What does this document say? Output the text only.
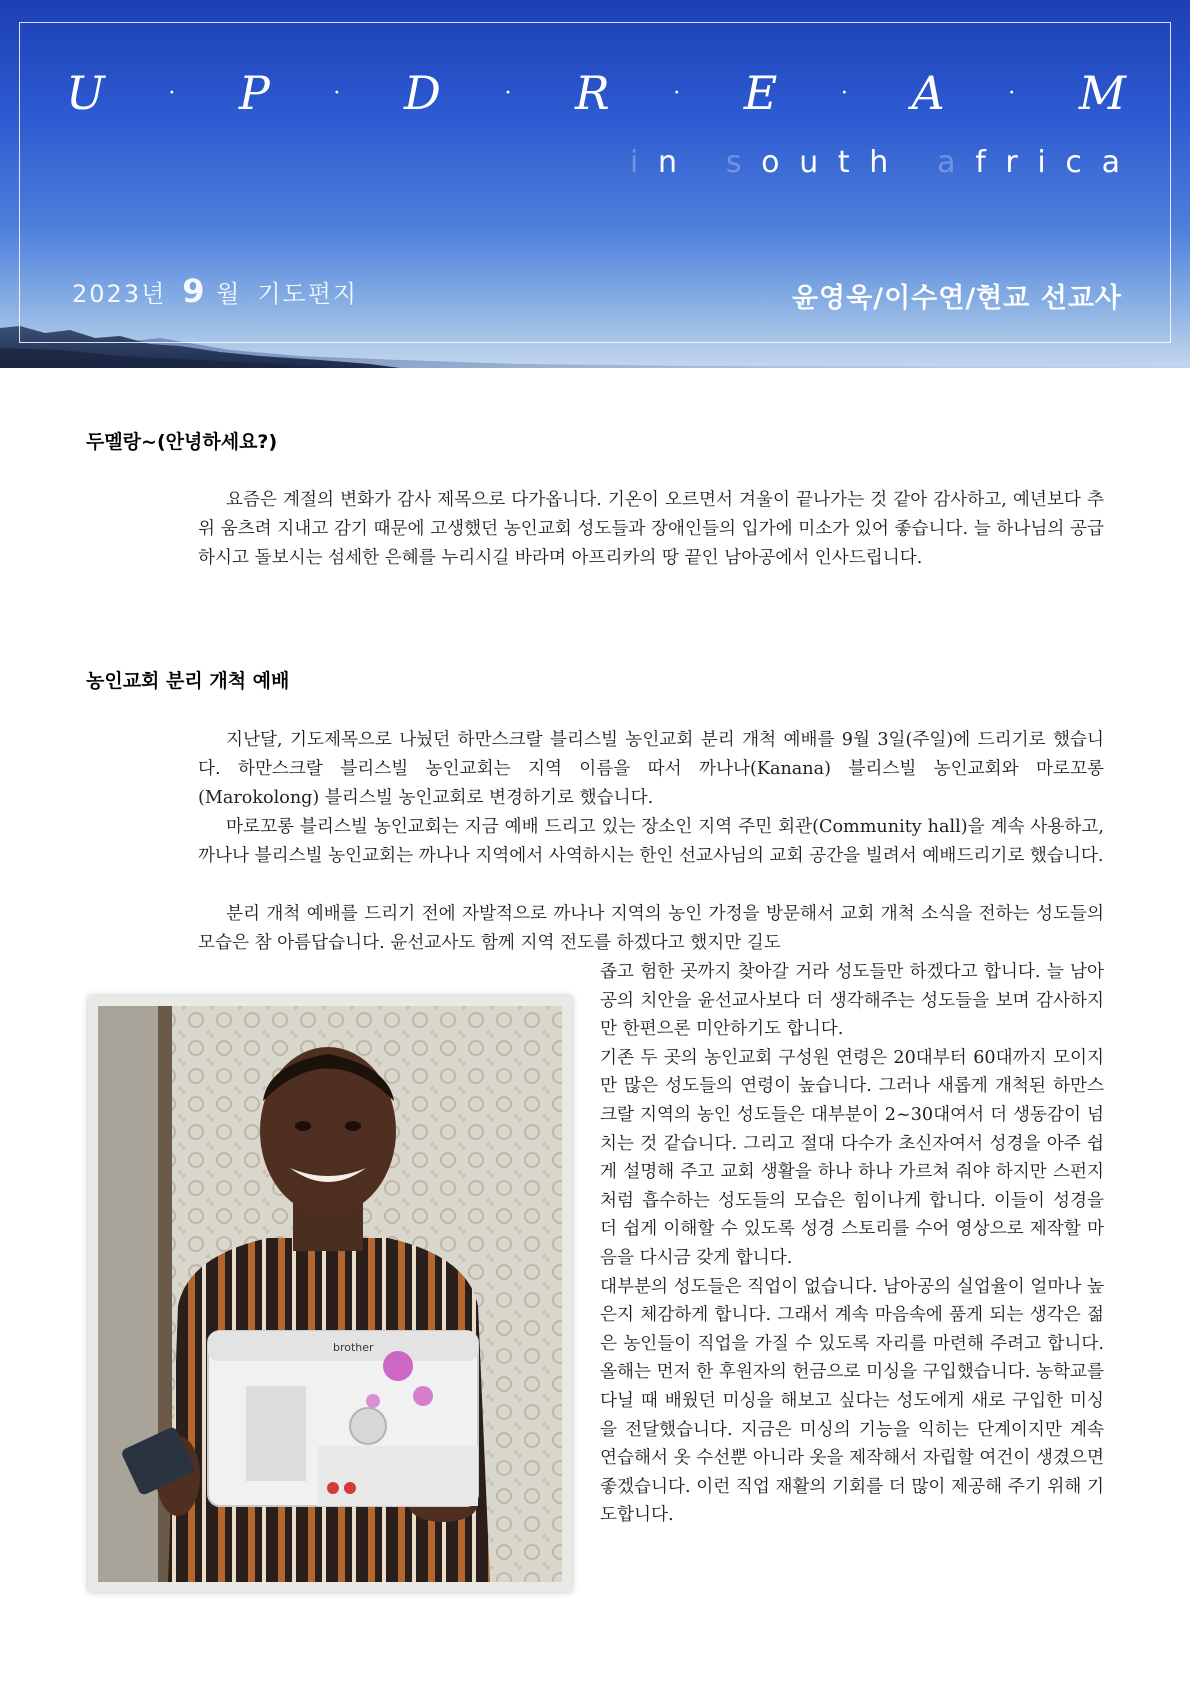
U	· P	· D	· R	· E	· A	· M
i n
s o u t h
a f r i c a
2023년 9 월 기도편지	윤영욱/이수연/현교 선교사
두멜랑~(안녕하세요?)

요즘은 계절의 변화가 감사 제목으로 다가옵니다. 기온이 오르면서 겨울이 끝나가는 것 같아 감사하고, 예년보다 추위 움츠려 지내고 감기 때문에 고생했던 농인교회 성도들과 장애인들의 입가에 미소가 있어 좋습니다. 늘 하나님의 공급하시고 돌보시는 섬세한 은혜를 누리시길 바라며 아프리카의 땅 끝인 남아공에서 인사드립니다.

농인교회 분리 개척 예배

지난달, 기도제목으로 나눴던 하만스크랄 블리스빌 농인교회 분리 개척 예배를 9월 3일(주일)에 드리기로 했습니다. 하만스크랄 블리스빌 농인교회는 지역 이름을 따서 까나나(Kanana) 블리스빌 농인교회와 마로꼬롱(Marokolong) 블리스빌 농인교회로 변경하기로 했습니다.

마로꼬롱 블리스빌 농인교회는 지금 예배 드리고 있는 장소인 지역 주민 회관(Community hall)을 계속 사용하고, 까나나 블리스빌 농인교회는 까나나 지역에서 사역하시는 한인 선교사님의 교회 공간을 빌려서 예배드리기로 했습니다.

분리 개척 예배를 드리기 전에 자발적으로 까나나 지역의 농인 가정을 방문해서 교회 개척 소식을 전하는 성도들의 모습은 참 아름답습니다. 윤선교사도 함께 지역 전도를 하겠다고 했지만 길도

좁고 험한 곳까지 찾아갈 거라 성도들만 하겠다고 합니다. 늘 남아공의 치안을 윤선교사보다 더 생각해주는 성도들을 보며 감사하지만 한편으론 미안하기도 합니다.

기존 두 곳의 농인교회 구성원 연령은 20대부터 60대까지 모이지만 많은 성도들의 연령이 높습니다. 그러나 새롭게 개척된 하만스크랄 지역의 농인 성도들은 대부분이 2~30대여서 더 생동감이 넘치는 것 같습니다. 그리고 절대 다수가 초신자여서 성경을 아주 쉽게 설명해 주고 교회 생활을 하나 하나 가르쳐 줘야 하지만 스펀지처럼 흡수하는 성도들의 모습은 힘이나게 합니다. 이들이 성경을 더 쉽게 이해할 수 있도록 성경 스토리를 수어 영상으로 제작할 마음을 다시금 갖게 합니다.

대부분의 성도들은 직업이 없습니다. 남아공의 실업율이 얼마나 높은지 체감하게 합니다. 그래서 계속 마음속에 품게 되는 생각은 젊은 농인들이 직업을 가질 수 있도록 자리를 마련해 주려고 합니다. 올해는 먼저 한 후원자의 헌금으로 미싱을 구입했습니다. 농학교를 다닐 때 배웠던 미싱을 해보고 싶다는 성도에게 새로 구입한 미싱을 전달했습니다. 지금은 미싱의 기능을 익히는 단계이지만 계속 연습해서 옷 수선뿐 아니라 옷을 제작해서 자립할 여건이 생겼으면 좋겠습니다. 이런 직업 재활의 기회를 더 많이 제공해 주기 위해 기도합니다.

brother
